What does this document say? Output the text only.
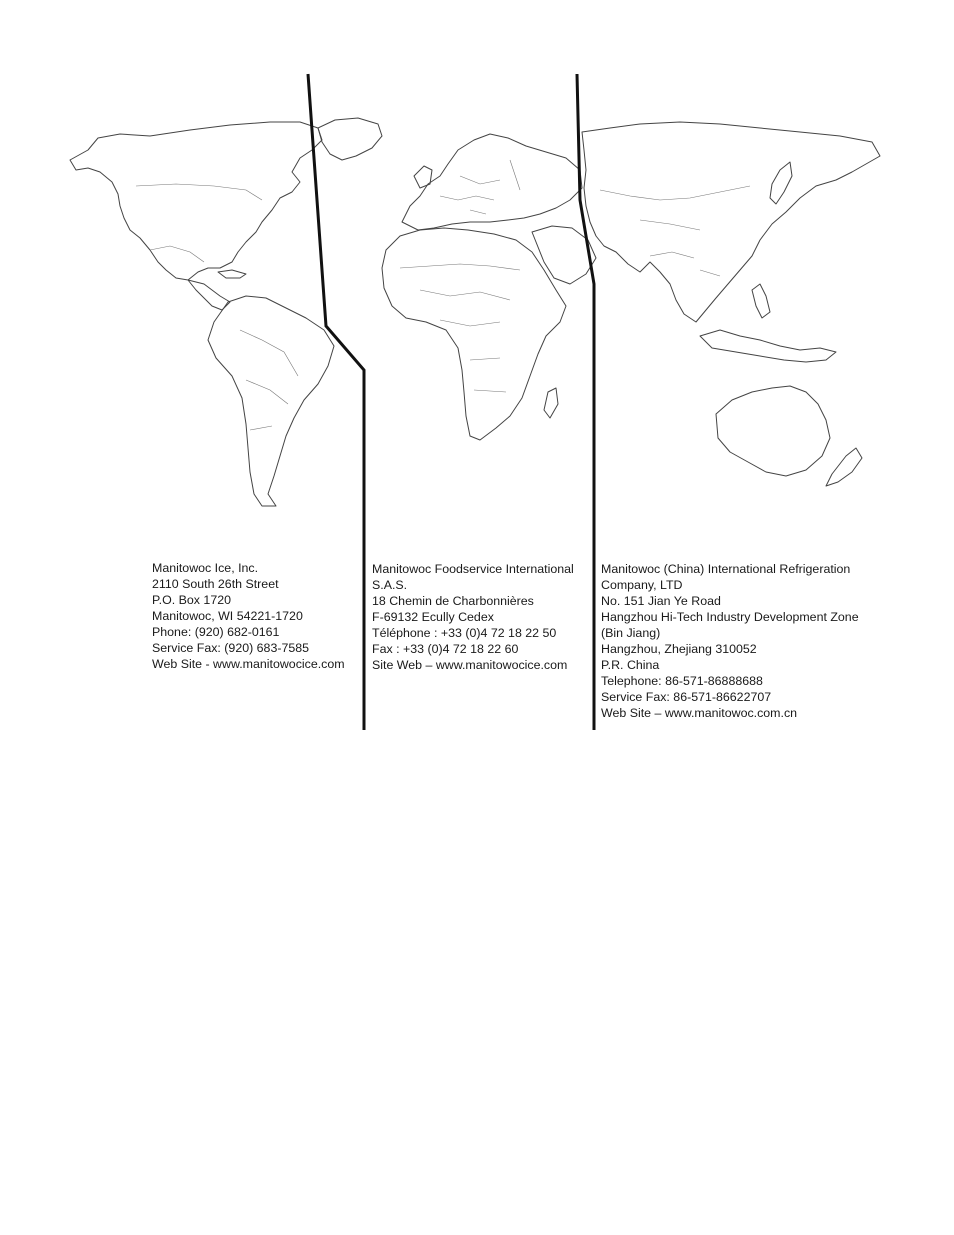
Manitowoc Ice, Inc.
2110 South 26th Street
P.O. Box 1720
Manitowoc, WI 54221-1720
Phone: (920) 682-0161
Service Fax: (920) 683-7585
Web Site - www.manitowocice.com
Manitowoc Foodservice International
S.A.S.
18 Chemin de Charbonnières
F-69132 Ecully Cedex
Téléphone : +33 (0)4 72 18 22 50
Fax : +33 (0)4 72 18 22 60
Site Web – www.manitowocice.com
Manitowoc (China) International Refrigeration
Company, LTD
No. 151 Jian Ye Road
Hangzhou Hi-Tech Industry Development Zone
(Bin Jiang)
Hangzhou, Zhejiang 310052
P.R. China
Telephone: 86-571-86888688
Service Fax: 86-571-86622707
Web Site – www.manitowoc.com.cn
